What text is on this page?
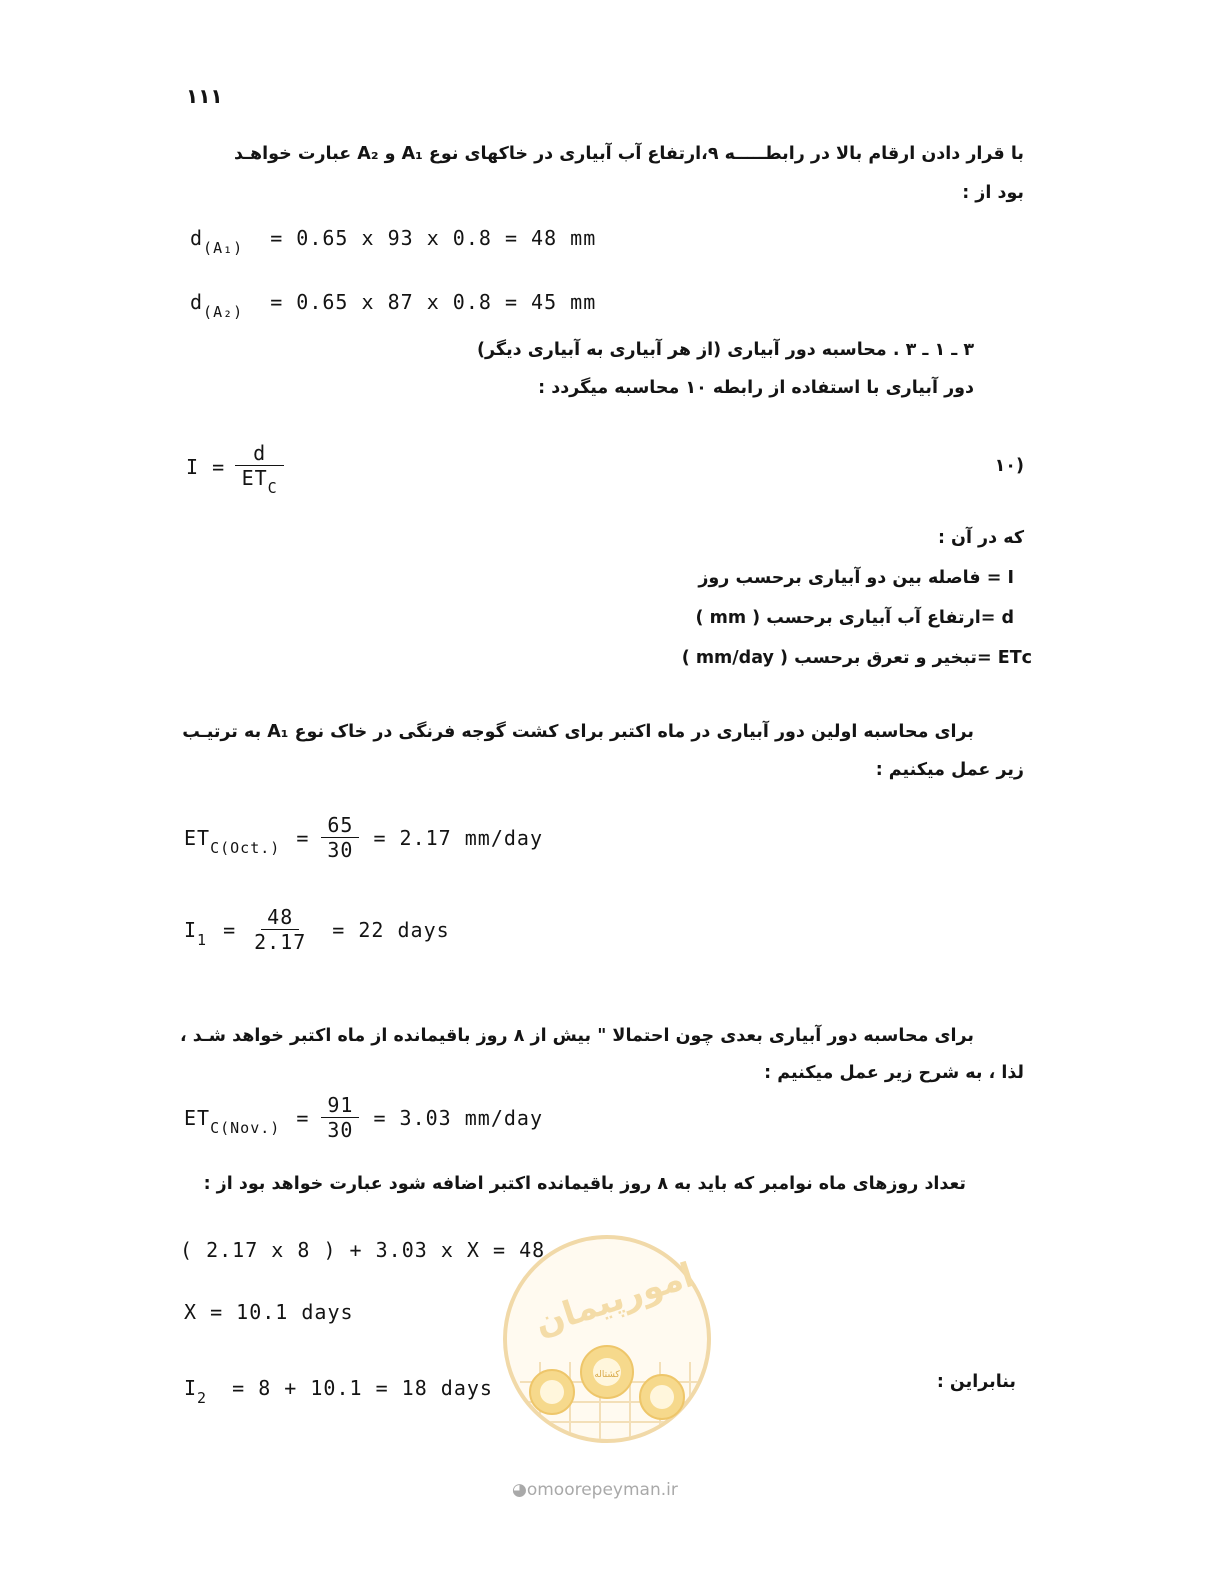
۱۱۱
با قرار دادن ارقام بالا در رابطـــــه ۹،ارتفاع آب آبیاری در خاکهای نوع A₁ و A₂ عبارت خواهـد
بود از :
$d_{(A_1)} = 0.65$ x 93 x 0.8 = 48 mm
$d_{(A_2)} = 0.65$ x 87 x 0.8 = 45 mm
۳ ـ ۱ ـ ۳ . محاسبه دور آبیاری (از هر آبیاری به آبیاری دیگر)
دور آبیاری با استفاده از رابطه ۱۰ محاسبه میگردد :
$I = \frac{d}{ET_C}$	(۱۰
که در آن :
I = فاصله بین دو آبیاری برحسب روز
d =ارتفاع آب آبیاری برحسب ( mm )
ETᴄ =تبخیر و تعرق برحسب ( mm/day )
برای محاسبه اولین دور آبیاری در ماه اکتبر برای کشت گوجه فرنگی در خاک نوع A₁ به ترتیـب
زیر عمل میکنیم :
$ET_{C(Oct.)} = \frac{65}{30} = 2.17$ mm/day
$I_1 = \frac{48}{2.17} = 22$ days
برای محاسبه دور آبیاری بعدی چون احتمالا " بیش از ۸ روز باقیمانده از ماه اکتبر خواهد شـد ،
لذا ، به شرح زیر عمل میکنیم :
$ET_{C(Nov.)} = \frac{91}{30} = 3.03$ mm/day
تعداد روزهای ماه نوامبر که باید به ۸ روز باقیمانده اکتبر اضافه شود عبارت خواهد بود از :
( 2.17 x 8 ) + 3.03 x X = 48
X = 10.1 days
$I_2 = 8 + 10.1 = 18$ days	بنابراین :
کشتاله
امورپیمان
◕omoorepeyman.ir
